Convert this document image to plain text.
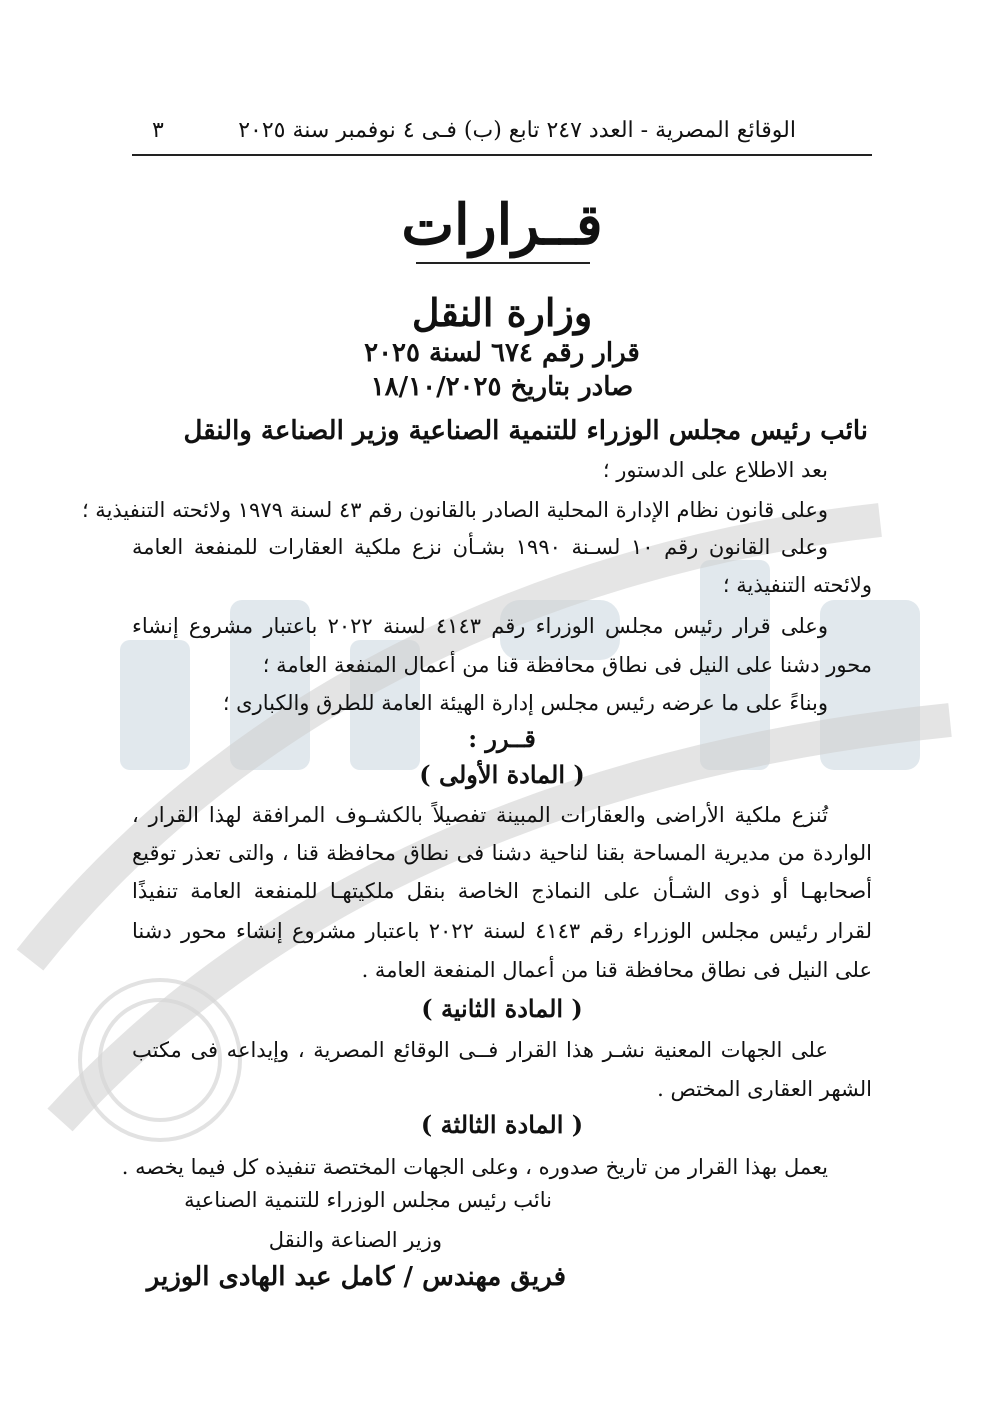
الوقائع المصرية - العدد ٢٤٧ تابع (ب) فـى ٤ نوفمبر سنة ٢٠٢٥
٣
قــرارات
وزارة النقل
قرار رقم ٦٧٤ لسنة ٢٠٢٥
صادر بتاريخ ١٨/١٠/٢٠٢٥
نائب رئيس مجلس الوزراء للتنمية الصناعية وزير الصناعة والنقل
بعد الاطلاع على الدستور ؛
وعلى قانون نظام الإدارة المحلية الصادر بالقانون رقم ٤٣ لسنة ١٩٧٩ ولائحته التنفيذية ؛
وعلى القانون رقم ١٠ لسـنة ١٩٩٠ بشـأن نزع ملكية العقارات للمنفعة العامة
ولائحته التنفيذية ؛
وعلى قرار رئيس مجلس الوزراء رقم ٤١٤٣ لسنة ٢٠٢٢ باعتبار مشروع إنشاء
محور دشنا على النيل فى نطاق محافظة قنا من أعمال المنفعة العامة ؛
وبناءً على ما عرضه رئيس مجلس إدارة الهيئة العامة للطرق والكبارى ؛
قــرر :
( المادة الأولى )
تُنزع ملكية الأراضى والعقارات المبينة تفصيلاً بالكشـوف المرافقة لهذا القرار ،
الواردة من مديرية المساحة بقنا لناحية دشنا فى نطاق محافظة قنا ، والتى تعذر توقيع
أصحابهـا أو ذوى الشـأن على النماذج الخاصة بنقل ملكيتهـا للمنفعة العامة تنفيذًا
لقرار رئيس مجلس الوزراء رقم ٤١٤٣ لسنة ٢٠٢٢ باعتبار مشروع إنشاء محور دشنا
على النيل فى نطاق محافظة قنا من أعمال المنفعة العامة .
( المادة الثانية )
على الجهات المعنية نشـر هذا القرار فــى الوقائع المصرية ، وإيداعه فى مكتب
الشهر العقارى المختص .
( المادة الثالثة )
يعمل بهذا القرار من تاريخ صدوره ، وعلى الجهات المختصة تنفيذه كل فيما يخصه .
نائب رئيس مجلس الوزراء للتنمية الصناعية
وزير الصناعة والنقل
فريق مهندس / كامل عبد الهادى الوزير
